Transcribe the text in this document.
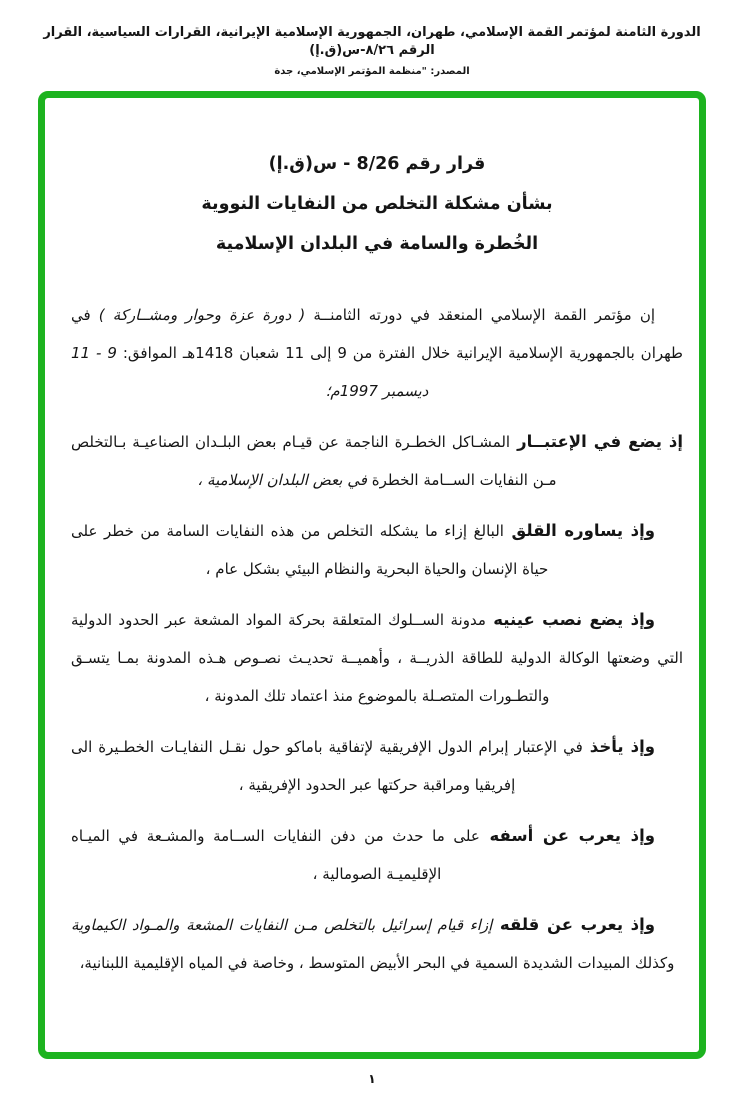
الدورة الثامنة لمؤتمر القمة الإسلامي، طهران، الجمهورية الإسلامية الإيرانية، القرارات السياسية، القرار الرقم ٨/٢٦-س(ق.إ)
المصدر: "منظمة المؤتمر الإسلامي، جدة
قرار رقم 8/26 - س(ق.إ)
بشأن مشكلة التخلص من النفايات النووية
الخُطرة والسامة في البلدان الإسلامية

إن مؤتمر القمة الإسلامي المنعقد في دورته الثامنــة ( دورة عزة وحوار ومشــاركة ) في طهران بالجمهورية الإسلامية الإيرانية خلال الفترة من 9 إلى 11 شعبان 1418هـ الموافق: 9 - 11 ديسمبر 1997م؛

إذ يضع في الإعتبــار المشـاكل الخطـرة الناجمة عن قيـام بعض البلـدان الصناعيـة بـالتخلص مـن النفايات الســامة الخطرة في بعض البلدان الإسلامية ،

وإذ يساوره القلق البالغ إزاء ما يشكله التخلص من هذه النفايات السامة من خطر على حياة الإنسان والحياة البحرية والنظام البيئي بشكل عام ،

وإذ يضع نصب عينيه مدونة الســلوك المتعلقة بحركة المواد المشعة عبر الحدود الدولية التي وضعتها الوكالة الدولية للطاقة الذريــة ، وأهميــة تحديـث نصـوص هـذه المدونة بمـا يتسـق والتطـورات المتصـلة بالموضوع منذ اعتماد تلك المدونة ،

وإذ يأخذ في الإعتبار إبرام الدول الإفريقية لإتفاقية باماكو حول نقـل النفايـات الخطـيرة الى إفريقيا ومراقبة حركتها عبر الحدود الإفريقية ،

وإذ يعرب عن أسفه على ما حدث من دفن النفايات الســامة والمشـعة في الميـاه الإقليميـة الصومالية ،

وإذ يعرب عن قلقه إزاء قيام إسرائيل بالتخلص مـن النفايات المشعة والمـواد الكيماوية وكذلك المبيدات الشديدة السمية في البحر الأبيض المتوسط ، وخاصة في المياه الإقليمية اللبنانية،

١
